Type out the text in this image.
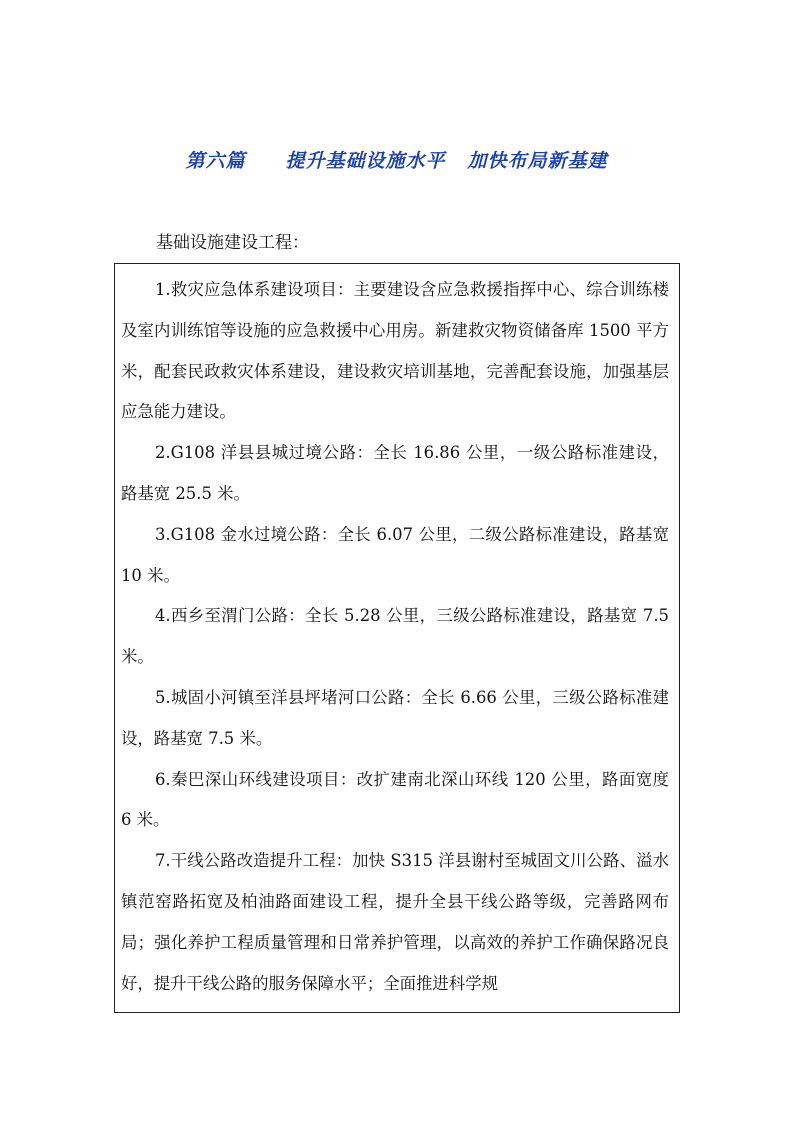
第六篇 提升基础设施水平 加快布局新基建
基础设施建设工程：

1.救灾应急体系建设项目：主要建设含应急救援指挥中心、综合训练楼及室内训练馆等设施的应急救援中心用房。新建救灾物资储备库 1500 平方米，配套民政救灾体系建设，建设救灾培训基地，完善配套设施，加强基层应急能力建设。

2.G108 洋县县城过境公路：全长 16.86 公里，一级公路标准建设，路基宽 25.5 米。

3.G108 金水过境公路：全长 6.07 公里，二级公路标准建设，路基宽 10 米。

4.西乡至渭门公路：全长 5.28 公里，三级公路标准建设，路基宽 7.5 米。

5.城固小河镇至洋县坪堵河口公路：全长 6.66 公里，三级公路标准建设，路基宽 7.5 米。

6.秦巴深山环线建设项目：改扩建南北深山环线 120 公里，路面宽度 6 米。

7.干线公路改造提升工程：加快 S315 洋县谢村至城固文川公路、溢水镇范窑路拓宽及柏油路面建设工程，提升全县干线公路等级，完善路网布局；强化养护工程质量管理和日常养护管理，以高效的养护工作确保路况良好，提升干线公路的服务保障水平；全面推进科学规
